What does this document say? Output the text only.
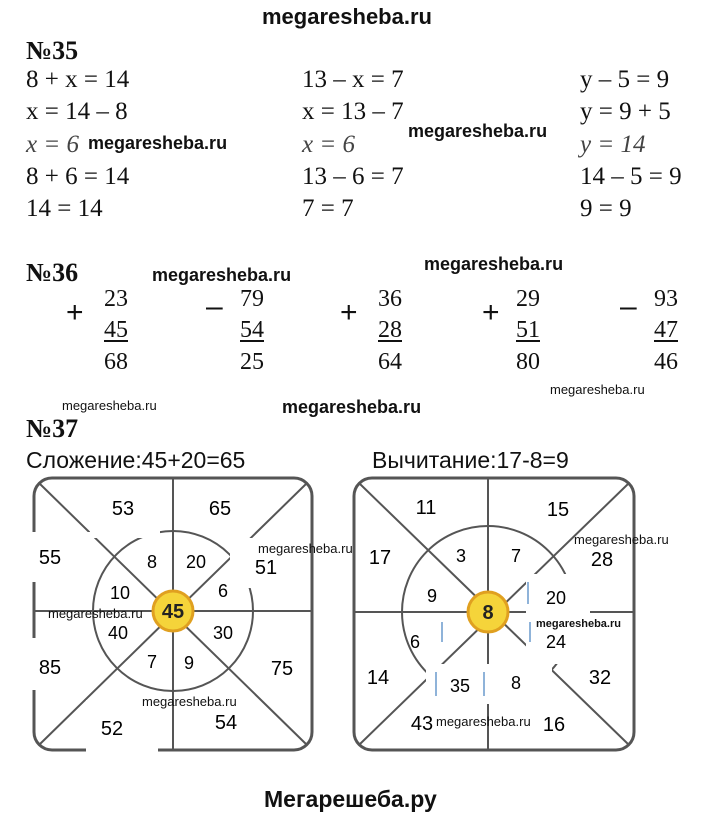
megaresheba.ru
№35
8 + x = 14
x = 14 – 8
x = 6
8 + 6 = 14
14 = 14
13 – x = 7
x = 13 – 7
x = 6
13 – 6 = 7
7 = 7
y – 5 = 9
y = 9 + 5
y = 14
14 – 5 = 9
9 = 9
megaresheba.ru
megaresheba.ru
№36	megaresheba.ru
megaresheba.ru
+ 23
45
68
– 79
54
25
+ 36
28
64
+ 29
51
80
– 93
47
46
megaresheba.ru
megaresheba.ru	megaresheba.ru
№37
Сложение:45+20=65	Вычитание:17-8=9
45
53	65
51
75
54
52
85
55	8 20
6
30
9
7
40
10
8
11	15
28
32
16
43
14
17	3 7
20
24
8
35
6
9
megaresheba.ru
megaresheba.ru
megaresheba.ru
megaresheba.ru
megaresheba.ru
megaresheba.ru
Мегарешеба.ру
